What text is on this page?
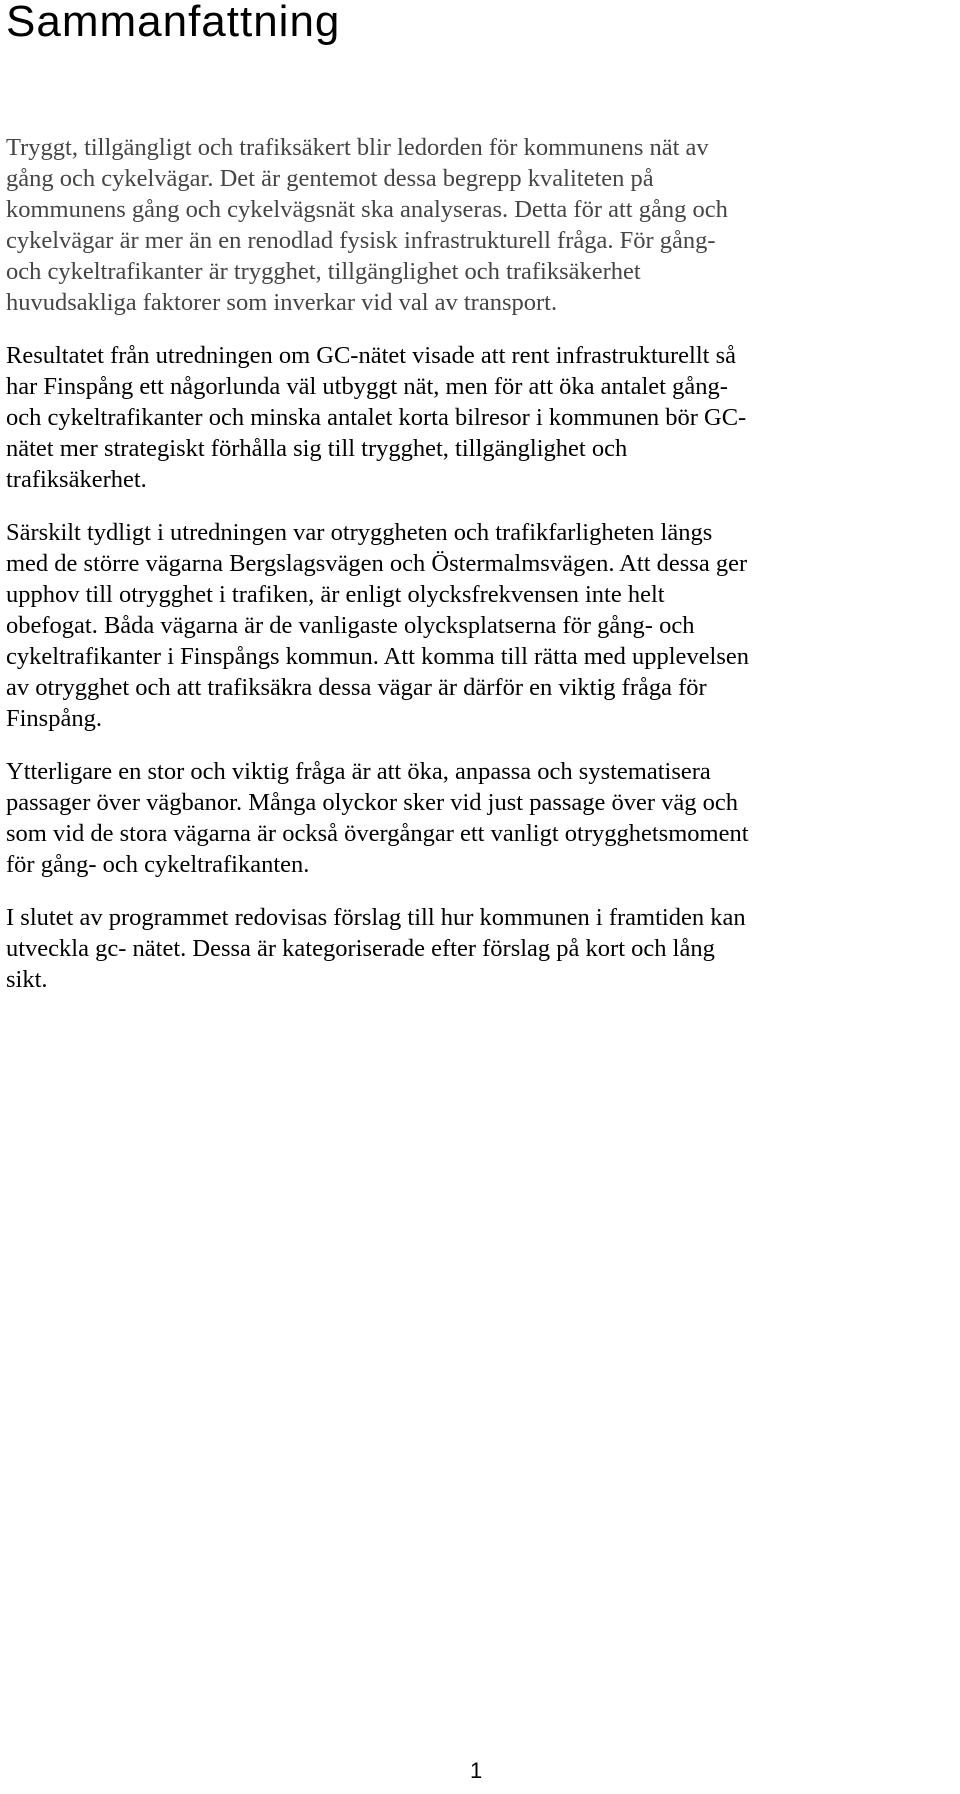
Sammanfattning

Tryggt, tillgängligt och trafiksäkert blir ledorden för kommunens nät av
gång och cykelvägar. Det är gentemot dessa begrepp kvaliteten på
kommunens gång och cykelvägsnät ska analyseras. Detta för att gång och
cykelvägar är mer än en renodlad fysisk infrastrukturell fråga. För gång-
och cykeltrafikanter är trygghet, tillgänglighet och trafiksäkerhet
huvudsakliga faktorer som inverkar vid val av transport.

Resultatet från utredningen om GC-nätet visade att rent infrastrukturellt så
har Finspång ett någorlunda väl utbyggt nät, men för att öka antalet gång-
och cykeltrafikanter och minska antalet korta bilresor i kommunen bör GC-
nätet mer strategiskt förhålla sig till trygghet, tillgänglighet och
trafiksäkerhet.

Särskilt tydligt i utredningen var otryggheten och trafikfarligheten längs
med de större vägarna Bergslagsvägen och Östermalmsvägen. Att dessa ger
upphov till otrygghet i trafiken, är enligt olycksfrekvensen inte helt
obefogat. Båda vägarna är de vanligaste olycksplatserna för gång- och
cykeltrafikanter i Finspångs kommun. Att komma till rätta med upplevelsen
av otrygghet och att trafiksäkra dessa vägar är därför en viktig fråga för
Finspång.

Ytterligare en stor och viktig fråga är att öka, anpassa och systematisera
passager över vägbanor. Många olyckor sker vid just passage över väg och
som vid de stora vägarna är också övergångar ett vanligt otrygghetsmoment
för gång- och cykeltrafikanten.

I slutet av programmet redovisas förslag till hur kommunen i framtiden kan
utveckla gc- nätet. Dessa är kategoriserade efter förslag på kort och lång
sikt.

1
